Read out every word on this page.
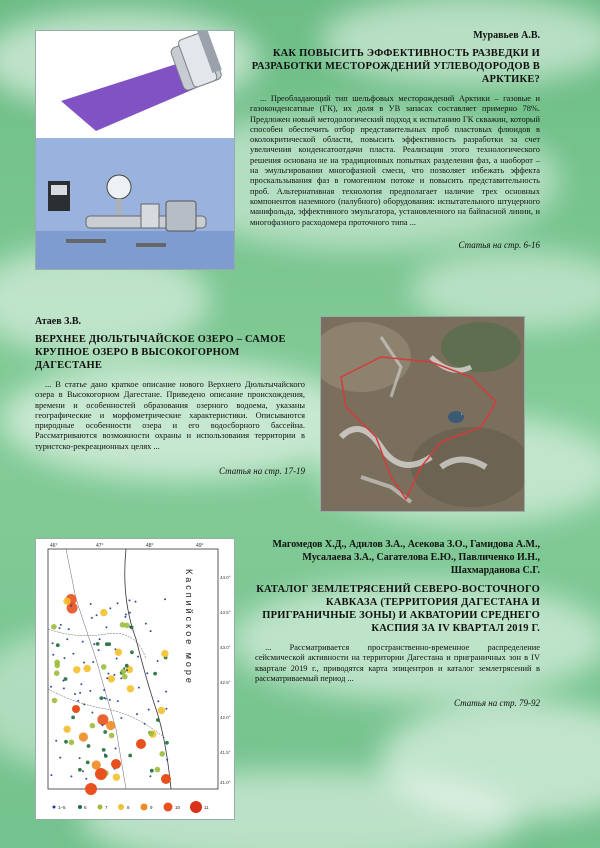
Муравьев А.В.
КАК ПОВЫСИТЬ ЭФФЕКТИВНОСТЬ РАЗВЕДКИ И РАЗРАБОТКИ МЕСТОРОЖДЕНИЙ УГЛЕВОДОРОДОВ В АРКТИКЕ?
... Преобладающий тип шельфовых месторождений Арктики – газовые и газоконденсатные (ГК), их доля в УВ запасах составляет примерно 78%. Предложен новый методологический подход к испытанию ГК скважин, который способен обеспечить отбор представительных проб пластовых флюидов в околокритической области, повысить эффективность разработки за счет увеличения конденсатоотдачи пласта. Реализация этого технологического решения основана не на традиционных попытках разделения фаз, а наоборот – на эмульгировании многофазной смеси, что позволяет избежать эффекта проскальзывания фаз в гомогенном потоке и повысить представительность проб. Альтернативная технология предполагает наличие трех основных компонентов наземного (палубного) оборудования: испытательного штуцерного манифольда, эффективного эмульгатора, установленного на байпасной линии, и многофазного расходомера проточного типа ...
Статья на стр. 6-16
Атаев З.В.
ВЕРХНЕЕ ДЮЛЬТЫЧАЙСКОЕ ОЗЕРО – САМОЕ КРУПНОЕ ОЗЕРО В ВЫСОКОГОРНОМ ДАГЕСТАНЕ
... В статье дано краткое описание нового Верхнего Дюльтычайского озера в Высокогорном Дагестане. Приведено описание происхождения, времени и особенностей образования озерного водоема, указаны географические и морфометрические характеристики. Описываются природные особенности озера и его водосборного бассейна. Рассматриваются возможности охраны и использования территории в туристско-рекреационных целях ...
Статья на стр. 17-19
•
46°	47°	48°	49°
44.0°
43.5°
43.0°
42.5°
42.0°
41.5°
41.0°
Каспийское море
1–5	6	7	8	9	10	11
Магомедов Х.Д., Адилов З.А., Асекова З.О., Гамидова А.М., Мусалаева З.А., Сагателова Е.Ю., Павличенко И.Н., Шахмарданова С.Г.
КАТАЛОГ ЗЕМЛЕТРЯСЕНИЙ СЕВЕРО-ВОСТОЧНОГО КАВКАЗА (ТЕРРИТОРИЯ ДАГЕСТАНА И ПРИГРАНИЧНЫЕ ЗОНЫ) И АКВАТОРИИ СРЕДНЕГО КАСПИЯ ЗА IV КВАРТАЛ 2019 Г.
... Рассматривается пространственно-временное распределение сейсмической активности на территории Дагестана и приграничных зон в IV квартале 2019 г., приводятся карта эпицентров и каталог землетрясений в рассматриваемый период ...
Статья на стр. 79-92
